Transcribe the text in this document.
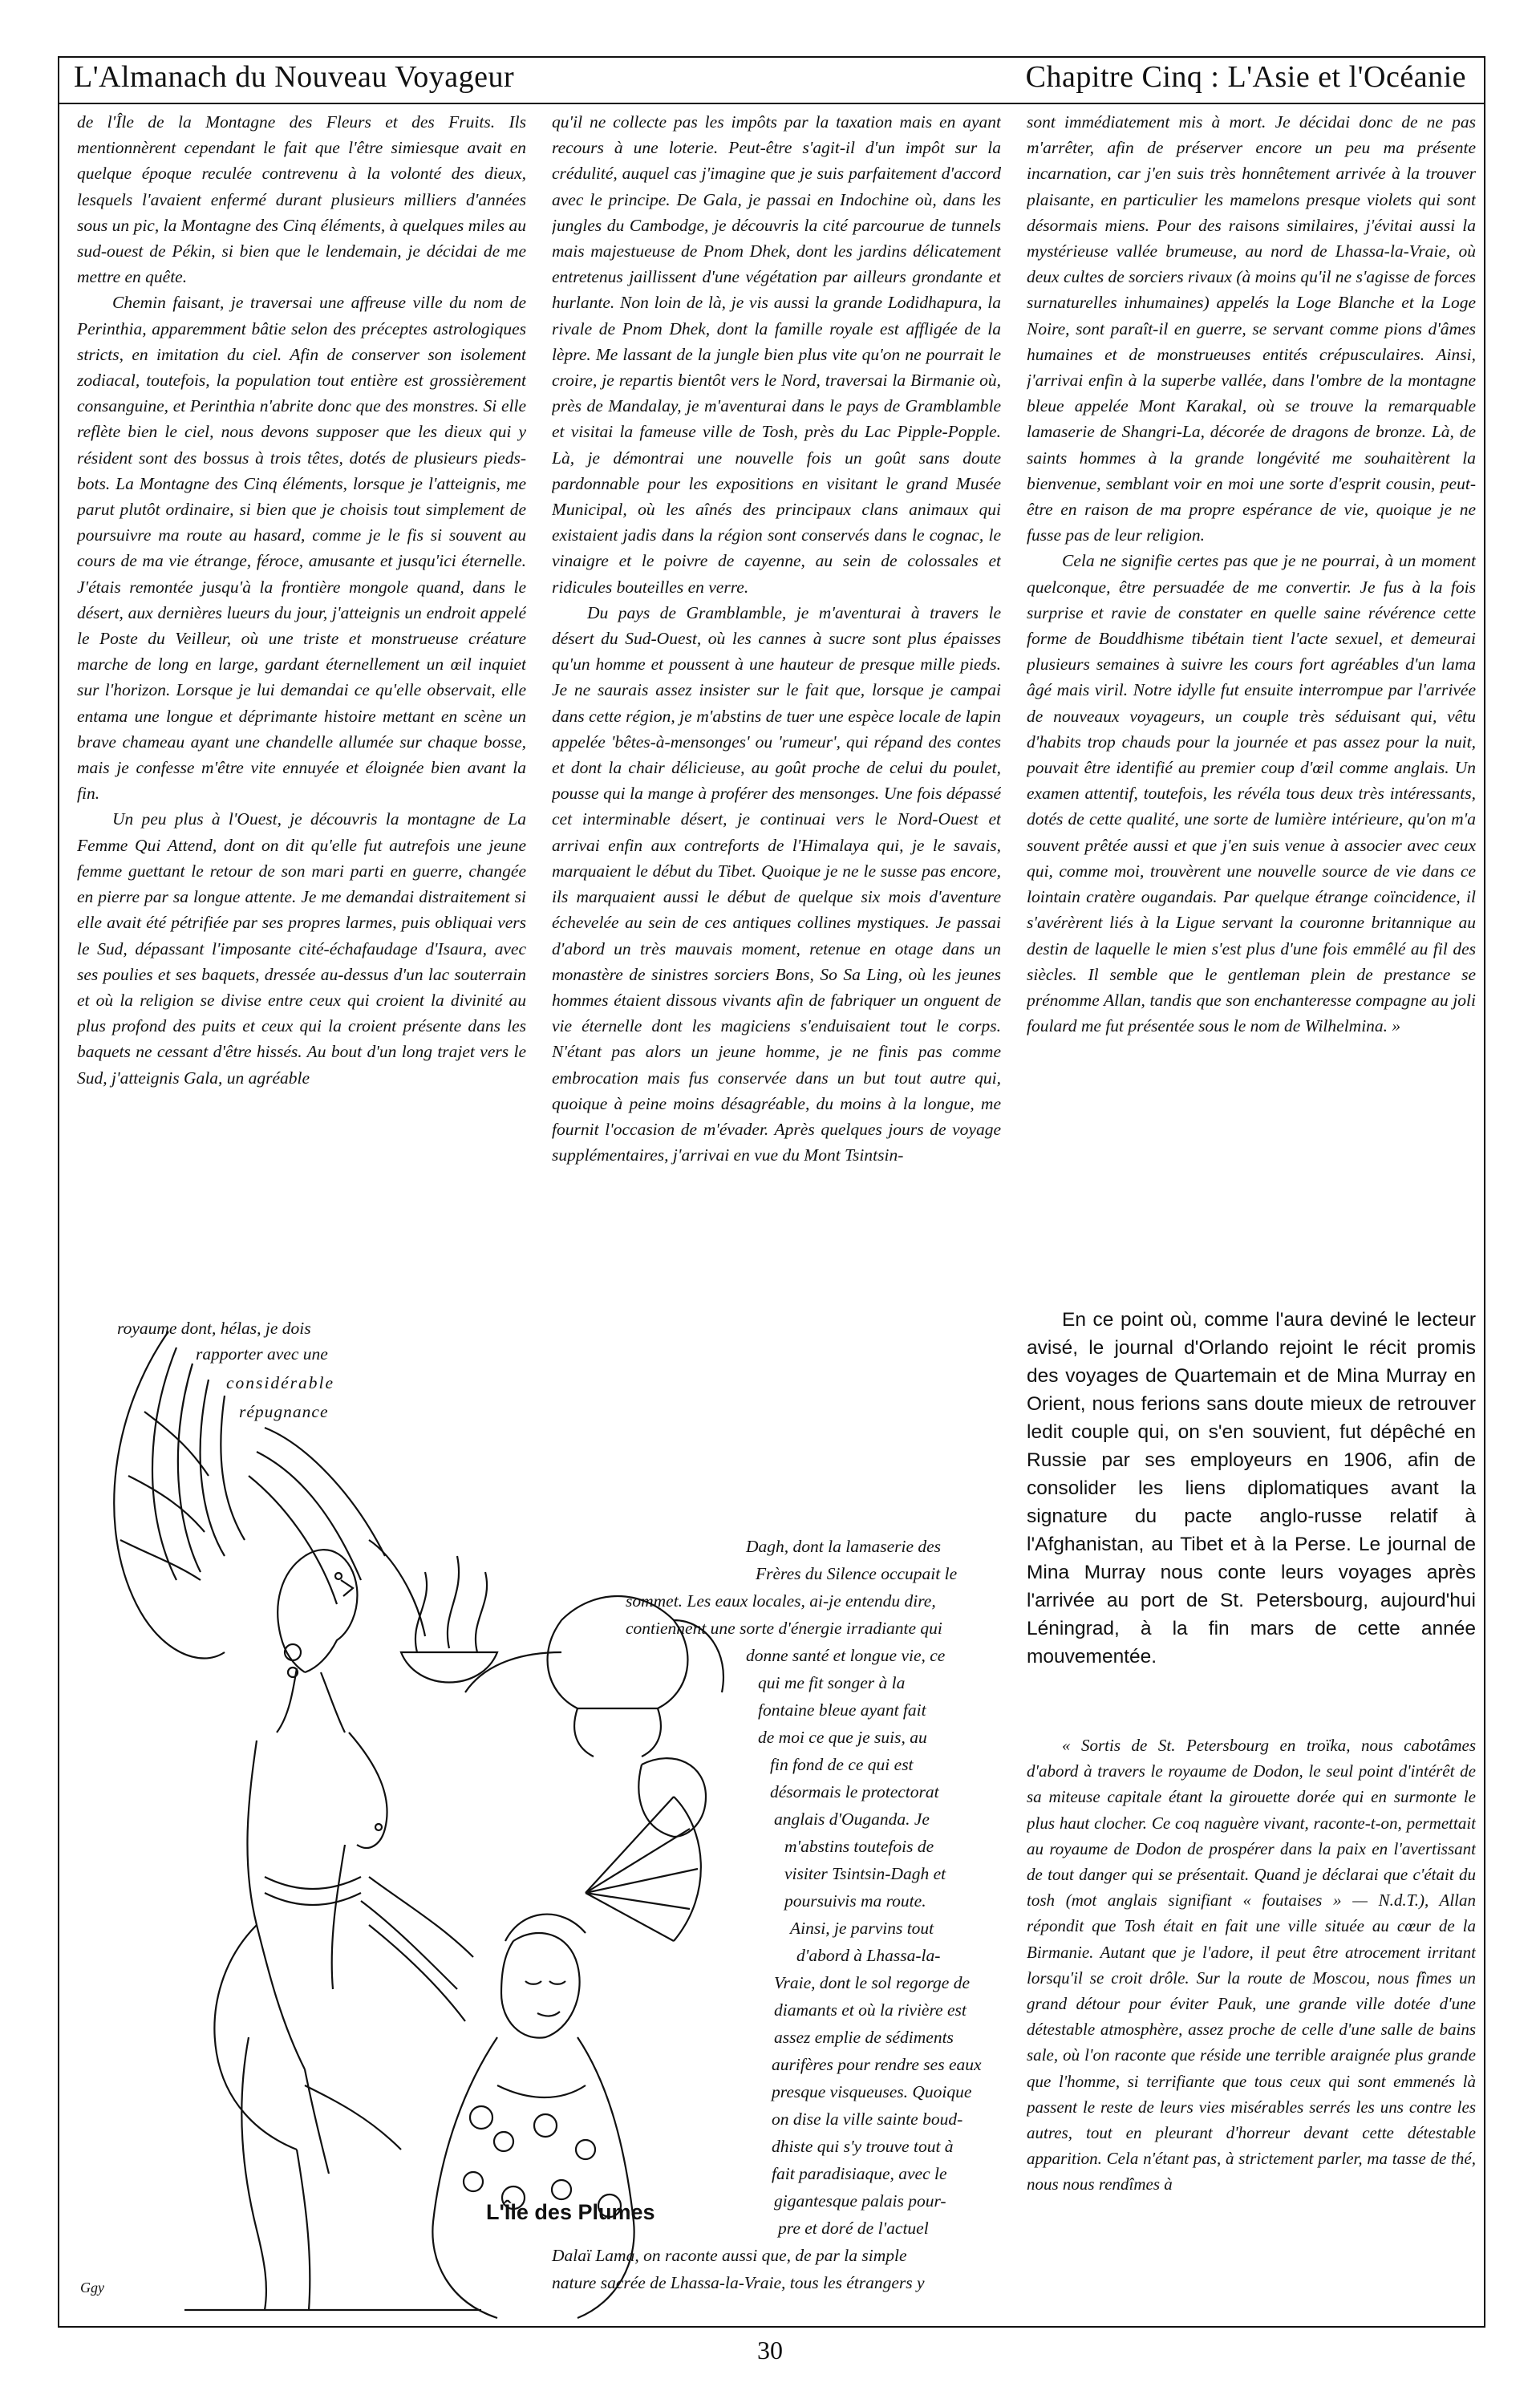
L'Almanach du Nouveau Voyageur	Chapitre Cinq : L'Asie et l'Océanie

de l'Île de la Montagne des Fleurs et des Fruits. Ils mentionnèrent cependant le fait que l'être simiesque avait en quelque époque reculée contrevenu à la volonté des dieux, lesquels l'avaient enfermé durant plusieurs milliers d'années sous un pic, la Montagne des Cinq éléments, à quelques miles au sud-ouest de Pékin, si bien que le lendemain, je décidai de me mettre en quête.

Chemin faisant, je traversai une affreuse ville du nom de Perinthia, apparemment bâtie selon des préceptes astrologiques stricts, en imitation du ciel. Afin de conserver son isolement zodiacal, toutefois, la population tout entière est grossièrement consanguine, et Perinthia n'abrite donc que des monstres. Si elle reflète bien le ciel, nous devons supposer que les dieux qui y résident sont des bossus à trois têtes, dotés de plusieurs pieds-bots. La Montagne des Cinq éléments, lorsque je l'atteignis, me parut plutôt ordinaire, si bien que je choisis tout simplement de poursuivre ma route au hasard, comme je le fis si souvent au cours de ma vie étrange, féroce, amusante et jusqu'ici éternelle. J'étais remontée jusqu'à la frontière mongole quand, dans le désert, aux dernières lueurs du jour, j'atteignis un endroit appelé le Poste du Veilleur, où une triste et monstrueuse créature marche de long en large, gardant éternellement un œil inquiet sur l'horizon. Lorsque je lui demandai ce qu'elle observait, elle entama une longue et déprimante histoire mettant en scène un brave chameau ayant une chandelle allumée sur chaque bosse, mais je confesse m'être vite ennuyée et éloignée bien avant la fin.

Un peu plus à l'Ouest, je découvris la montagne de La Femme Qui Attend, dont on dit qu'elle fut autrefois une jeune femme guettant le retour de son mari parti en guerre, changée en pierre par sa longue attente. Je me demandai distraitement si elle avait été pétrifiée par ses propres larmes, puis obliquai vers le Sud, dépassant l'imposante cité-échafaudage d'Isaura, avec ses poulies et ses baquets, dressée au-dessus d'un lac souterrain et où la religion se divise entre ceux qui croient la divinité au plus profond des puits et ceux qui la croient présente dans les baquets ne cessant d'être hissés. Au bout d'un long trajet vers le Sud, j'atteignis Gala, un agréable

royaume dont, hélas, je dois
rapporter avec une
considérable
répugnance

qu'il ne collecte pas les impôts par la taxation mais en ayant recours à une loterie. Peut-être s'agit-il d'un impôt sur la crédulité, auquel cas j'imagine que je suis parfaitement d'accord avec le principe. De Gala, je passai en Indochine où, dans les jungles du Cambodge, je découvris la cité parcourue de tunnels mais majestueuse de Pnom Dhek, dont les jardins délicatement entretenus jaillissent d'une végétation par ailleurs grondante et hurlante. Non loin de là, je vis aussi la grande Lodidhapura, la rivale de Pnom Dhek, dont la famille royale est affligée de la lèpre. Me lassant de la jungle bien plus vite qu'on ne pourrait le croire, je repartis bientôt vers le Nord, traversai la Birmanie où, près de Mandalay, je m'aventurai dans le pays de Gramblamble et visitai la fameuse ville de Tosh, près du Lac Pipple-Popple. Là, je démontrai une nouvelle fois un goût sans doute pardonnable pour les expositions en visitant le grand Musée Municipal, où les aînés des principaux clans animaux qui existaient jadis dans la région sont conservés dans le cognac, le vinaigre et le poivre de cayenne, au sein de colossales et ridicules bouteilles en verre.

Du pays de Gramblamble, je m'aventurai à travers le désert du Sud-Ouest, où les cannes à sucre sont plus épaisses qu'un homme et poussent à une hauteur de presque mille pieds. Je ne saurais assez insister sur le fait que, lorsque je campai dans cette région, je m'abstins de tuer une espèce locale de lapin appelée 'bêtes-à-mensonges' ou 'rumeur', qui répand des contes et dont la chair délicieuse, au goût proche de celui du poulet, pousse qui la mange à proférer des mensonges. Une fois dépassé cet interminable désert, je continuai vers le Nord-Ouest et arrivai enfin aux contreforts de l'Himalaya qui, je le savais, marquaient le début du Tibet. Quoique je ne le susse pas encore, ils marquaient aussi le début de quelque six mois d'aventure échevelée au sein de ces antiques collines mystiques. Je passai d'abord un très mauvais moment, retenue en otage dans un monastère de sinistres sorciers Bons, So Sa Ling, où les jeunes hommes étaient dissous vivants afin de fabriquer un onguent de vie éternelle dont les magiciens s'enduisaient tout le corps. N'étant pas alors un jeune homme, je ne finis pas comme embrocation mais fus conservée dans un but tout autre qui, quoique à peine moins désagréable, du moins à la longue, me fournit l'occasion de m'évader. Après quelques jours de voyage supplémentaires, j'arrivai en vue du Mont Tsintsin-

Dagh, dont la lamaserie des
Frères du Silence occupait le
sommet. Les eaux locales, ai-je entendu dire,
contiennent une sorte d'énergie irradiante qui
donne santé et longue vie, ce
qui me fit songer à la
fontaine bleue ayant fait
de moi ce que je suis, au
fin fond de ce qui est
désormais le protectorat
anglais d'Ouganda. Je
m'abstins toutefois de
visiter Tsintsin-Dagh et
poursuivis ma route.
Ainsi, je parvins tout
d'abord à Lhassa-la-
Vraie, dont le sol regorge de
diamants et où la rivière est
assez emplie de sédiments
aurifères pour rendre ses eaux
presque visqueuses. Quoique
on dise la ville sainte boud-
dhiste qui s'y trouve tout à
fait paradisiaque, avec le
gigantesque palais pour-
pre et doré de l'actuel
Dalaï Lama, on raconte aussi que, de par la simple
nature sacrée de Lhassa-la-Vraie, tous les étrangers y

sont immédiatement mis à mort. Je décidai donc de ne pas m'arrêter, afin de préserver encore un peu ma présente incarnation, car j'en suis très honnêtement arrivée à la trouver plaisante, en particulier les mamelons presque violets qui sont désormais miens. Pour des raisons similaires, j'évitai aussi la mystérieuse vallée brumeuse, au nord de Lhassa-la-Vraie, où deux cultes de sorciers rivaux (à moins qu'il ne s'agisse de forces surnaturelles inhumaines) appelés la Loge Blanche et la Loge Noire, sont paraît-il en guerre, se servant comme pions d'âmes humaines et de monstrueuses entités crépusculaires. Ainsi, j'arrivai enfin à la superbe vallée, dans l'ombre de la montagne bleue appelée Mont Karakal, où se trouve la remarquable lamaserie de Shangri-La, décorée de dragons de bronze. Là, de saints hommes à la grande longévité me souhaitèrent la bienvenue, semblant voir en moi une sorte d'esprit cousin, peut-être en raison de ma propre espérance de vie, quoique je ne fusse pas de leur religion.

Cela ne signifie certes pas que je ne pourrai, à un moment quelconque, être persuadée de me convertir. Je fus à la fois surprise et ravie de constater en quelle saine révérence cette forme de Bouddhisme tibétain tient l'acte sexuel, et demeurai plusieurs semaines à suivre les cours fort agréables d'un lama âgé mais viril. Notre idylle fut ensuite interrompue par l'arrivée de nouveaux voyageurs, un couple très séduisant qui, vêtu d'habits trop chauds pour la journée et pas assez pour la nuit, pouvait être identifié au premier coup d'œil comme anglais. Un examen attentif, toutefois, les révéla tous deux très intéressants, dotés de cette qualité, une sorte de lumière intérieure, qu'on m'a souvent prêtée aussi et que j'en suis venue à associer avec ceux qui, comme moi, trouvèrent une nouvelle source de vie dans ce lointain cratère ougandais. Par quelque étrange coïncidence, il s'avérèrent liés à la Ligue servant la couronne britannique au destin de laquelle le mien s'est plus d'une fois emmêlé au fil des siècles. Il semble que le gentleman plein de prestance se prénomme Allan, tandis que son enchanteresse compagne au joli foulard me fut présentée sous le nom de Wilhelmina. »

En ce point où, comme l'aura deviné le lecteur avisé, le journal d'Orlando rejoint le récit promis des voyages de Quartemain et de Mina Murray en Orient, nous ferions sans doute mieux de retrouver ledit couple qui, on s'en souvient, fut dépêché en Russie par ses employeurs en 1906, afin de consolider les liens diplomatiques avant la signature du pacte anglo-russe relatif à l'Afghanistan, au Tibet et à la Perse. Le journal de Mina Murray nous conte leurs voyages après l'arrivée au port de St. Petersbourg, aujourd'hui Léningrad, à la fin mars de cette année mouvementée.
« Sortis de St. Petersbourg en troïka, nous cabotâmes d'abord à travers le royaume de Dodon, le seul point d'intérêt de sa miteuse capitale étant la girouette dorée qui en surmonte le plus haut clocher. Ce coq naguère vivant, raconte-t-on, permettait au royaume de Dodon de prospérer dans la paix en l'avertissant de tout danger qui se présentait. Quand je déclarai que c'était du tosh (mot anglais signifiant « foutaises » — N.d.T.), Allan répondit que Tosh était en fait une ville située au cœur de la Birmanie. Autant que je l'adore, il peut être atrocement irritant lorsqu'il se croit drôle. Sur la route de Moscou, nous fîmes un grand détour pour éviter Pauk, une grande ville dotée d'une détestable atmosphère, assez proche de celle d'une salle de bains sale, où l'on raconte que réside une terrible araignée plus grande que l'homme, si terrifiante que tous ceux qui sont emmenés là passent le reste de leurs vies misérables serrés les uns contre les autres, tout en pleurant d'horreur devant cette détestable apparition. Cela n'étant pas, à strictement parler, ma tasse de thé, nous nous rendîmes à
Ggy
L'Île des Plumes
30
